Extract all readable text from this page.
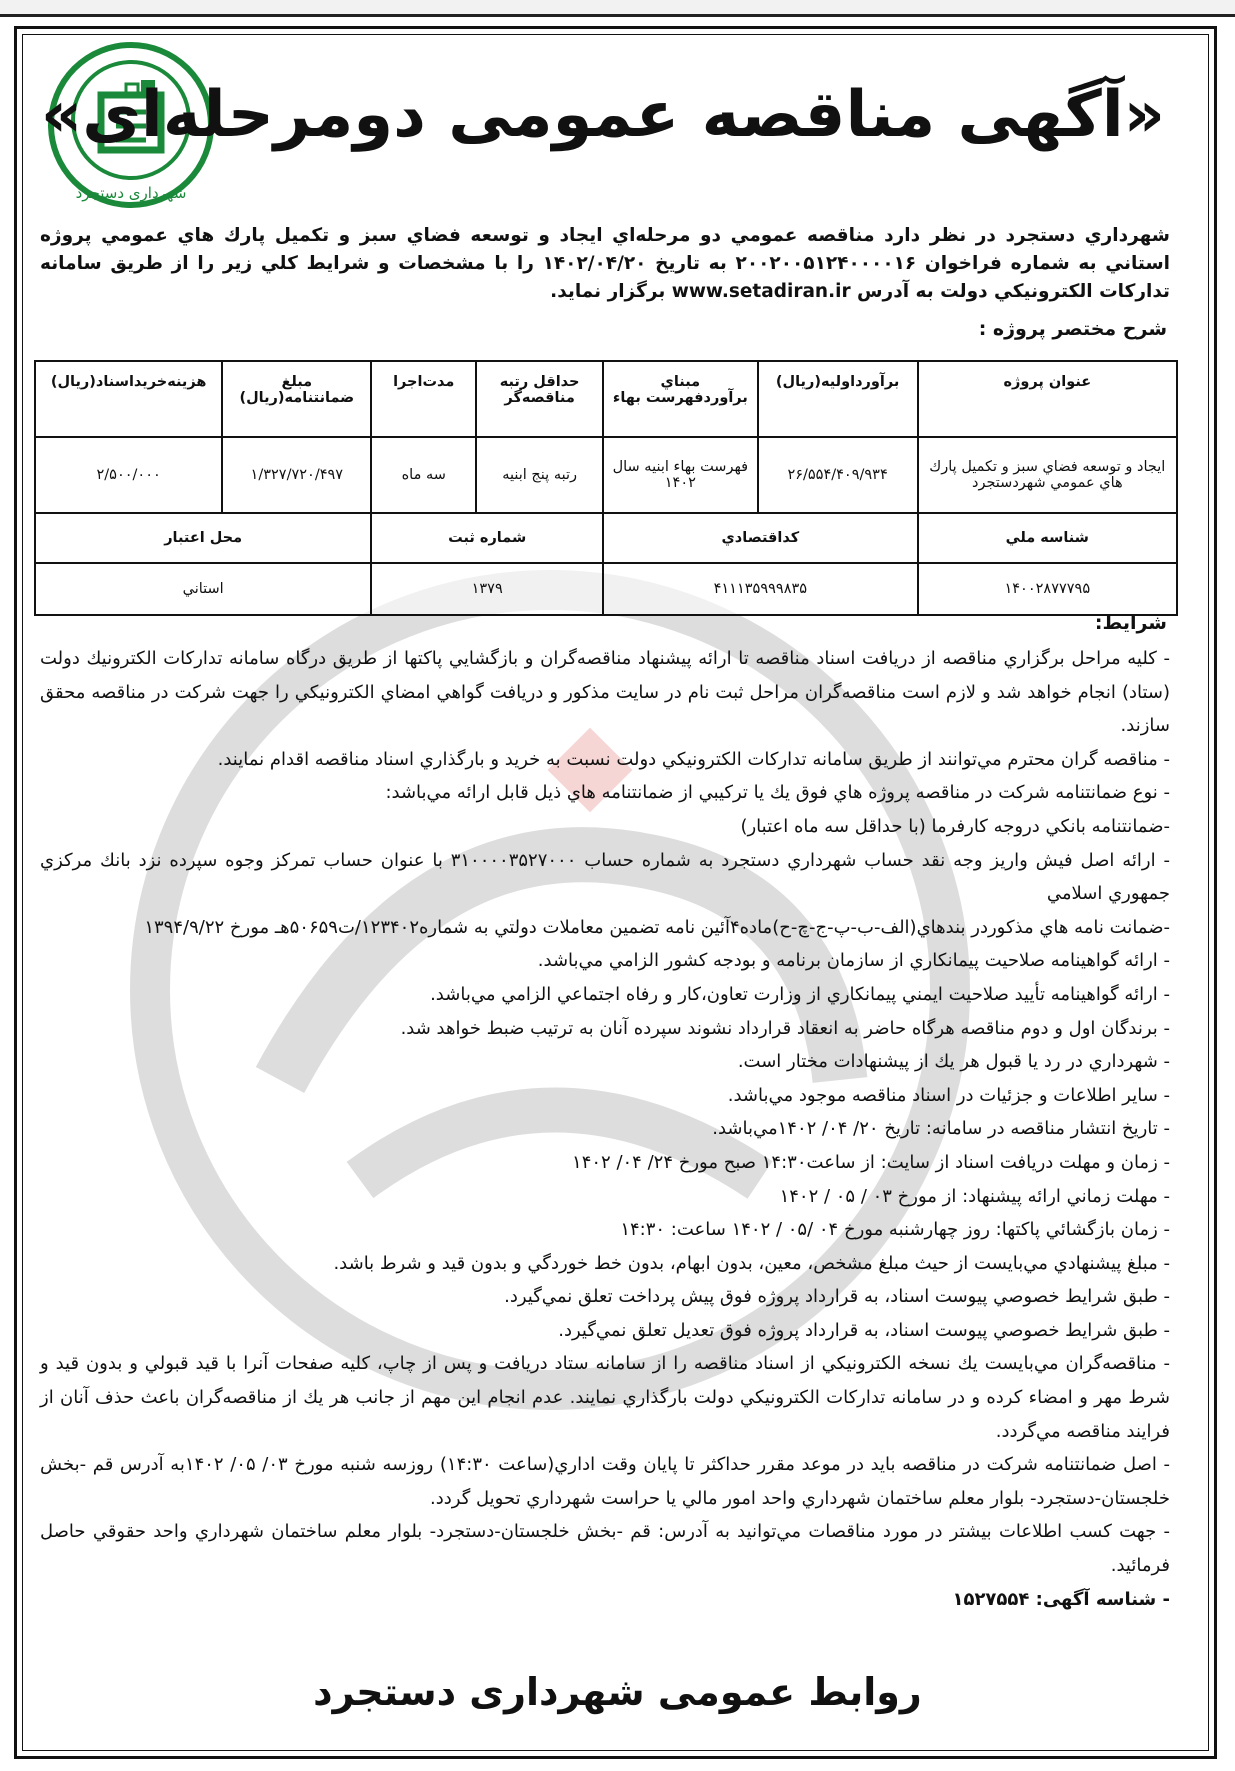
شهرداری دستجرد
«آگهی مناقصه عمومی دومرحله‌ای»
شهرداري دستجرد در نظر دارد مناقصه عمومي دو مرحله‌اي ايجاد و توسعه فضاي سبز و تكميل پارك هاي عمومي پروژه استاني به شماره فراخوان ۲۰۰۲۰۰۵۱۲۴۰۰۰۰۱۶ به تاريخ ۱۴۰۲/۰۴/۲۰ را با مشخصات و شرايط كلي زير را از طريق سامانه تداركات الكترونيكي دولت به آدرس www.setadiran.ir برگزار نمايد.
شرح مختصر پروژه :
عنوان پروژه	برآورداوليه(ريال)	مبناي برآوردفهرست بهاء	حداقل رتبه مناقصه‌گر	مدت‌اجرا	مبلغ ضمانتنامه(ريال)	هزينه‌خريداسناد(ريال)
ايجاد و توسعه فضاي سبز و تكميل پارك هاي عمومي شهردستجرد	۲۶/۵۵۴/۴۰۹/۹۳۴	فهرست بهاء ابنيه سال ۱۴۰۲	رتبه پنج ابنيه	سه ماه	۱/۳۲۷/۷۲۰/۴۹۷	۲/۵۰۰/۰۰۰
شناسه ملي	كداقتصادي		شماره ثبت		محل اعتبار	
۱۴۰۰۲۸۷۷۷۹۵	۴۱۱۱۳۵۹۹۹۸۳۵		۱۳۷۹		استاني	
شرايط:

- كليه مراحل برگزاري مناقصه از دريافت اسناد مناقصه تا ارائه پيشنهاد مناقصه‌گران و بازگشايي پاكتها از طريق درگاه سامانه تداركات الكترونيك دولت (ستاد) انجام خواهد شد و لازم است مناقصه‌گران مراحل ثبت نام در سايت مذكور و دريافت گواهي امضاي الكترونيكي را جهت شركت در مناقصه محقق سازند.

- مناقصه گران محترم مي‌توانند از طريق سامانه تداركات الكترونيكي دولت نسبت به خريد و بارگذاري اسناد مناقصه اقدام نمايند.

- نوع ضمانتنامه شركت در مناقصه پروژه هاي فوق يك يا تركيبي از ضمانتنامه هاي ذيل قابل ارائه مي‌باشد:

-ضمانتنامه بانكي دروجه كارفرما (با حداقل سه ماه اعتبار)

- ارائه اصل فيش واريز وجه نقد حساب شهرداري دستجرد به شماره حساب ۳۱۰۰۰۰۳۵۲۷۰۰۰ با عنوان حساب تمركز وجوه سپرده نزد بانك مركزي جمهوري اسلامي

-ضمانت نامه هاي مذكوردر بندهاي(الف-ب-پ-ج-چ-ح)ماده۴آئين نامه تضمين معاملات دولتي به شماره۱۲۳۴۰۲/ت۵۰۶۵۹هـ مورخ ۱۳۹۴/۹/۲۲

- ارائه گواهينامه صلاحيت پيمانكاري از سازمان برنامه و بودجه كشور الزامي مي‌باشد.

- ارائه گواهينامه تأييد صلاحيت ايمني پيمانكاري از وزارت تعاون،كار و رفاه اجتماعي الزامي مي‌باشد.

- برندگان اول و دوم مناقصه هرگاه حاضر به انعقاد قرارداد نشوند سپرده آنان به ترتيب ضبط خواهد شد.

- شهرداري در رد يا قبول هر يك از پيشنهادات مختار است.

- ساير اطلاعات و جزئيات در اسناد مناقصه موجود مي‌باشد.

- تاريخ انتشار مناقصه در سامانه: تاريخ ۲۰/ ۰۴/ ۱۴۰۲مي‌باشد.

- زمان و مهلت دريافت اسناد از سايت: از ساعت۱۴:۳۰ صبح مورخ ۲۴/ ۰۴/ ۱۴۰۲

- مهلت زماني ارائه پيشنهاد: از مورخ ۰۳ / ۰۵ / ۱۴۰۲

- زمان بازگشائي پاكتها: روز چهارشنبه مورخ ۰۴ /۰۵ / ۱۴۰۲ ساعت: ۱۴:۳۰

- مبلغ پيشنهادي مي‌بايست از حيث مبلغ مشخص، معين، بدون ابهام، بدون خط خوردگي و بدون قيد و شرط باشد.

- طبق شرايط خصوصي پيوست اسناد، به قرارداد پروژه فوق پيش پرداخت تعلق نمي‌گيرد.

- طبق شرايط خصوصي پيوست اسناد، به قرارداد پروژه فوق تعديل تعلق نمي‌گيرد.

- مناقصه‌گران مي‌بايست يك نسخه الكترونيكي از اسناد مناقصه را از سامانه ستاد دريافت و پس از چاپ، كليه صفحات آنرا با قيد قبولي و بدون قيد و شرط مهر و امضاء كرده و در سامانه تداركات الكترونيكي دولت بارگذاري نمايند. عدم انجام اين مهم از جانب هر يك از مناقصه‌گران باعث حذف آنان از فرايند مناقصه مي‌گردد.

- اصل ضمانتنامه شركت در مناقصه بايد در موعد مقرر حداكثر تا پايان وقت اداري(ساعت ۱۴:۳۰) روزسه شنبه مورخ ۰۳/ ۰۵/ ۱۴۰۲به آدرس قم -بخش خلجستان-دستجرد- بلوار معلم ساختمان شهرداري واحد امور مالي يا حراست شهرداري تحويل گردد.

- جهت كسب اطلاعات بيشتر در مورد مناقصات مي‌توانيد به آدرس: قم -بخش خلجستان-دستجرد- بلوار معلم ساختمان شهرداري واحد حقوقي حاصل فرمائيد.

- شناسه آگهی: ۱۵۲۷۵۵۴

روابط عمومی شهرداری دستجرد
